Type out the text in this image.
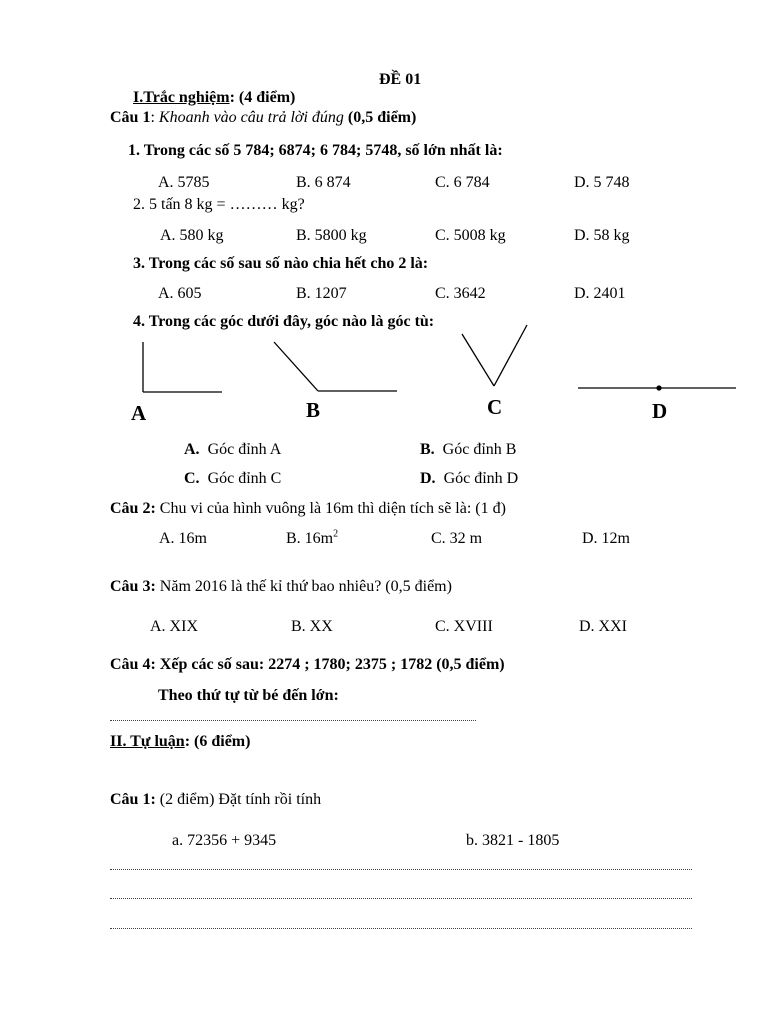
ĐỀ 01
I.Trắc nghiệm: (4 điểm)
Câu 1: Khoanh vào câu trả lời đúng (0,5 điểm)
1. Trong các số 5 784; 6874; 6 784; 5748, số lớn nhất là:
A. 5785	B. 6 874	C. 6 784	D. 5 748
2. 5 tấn 8 kg = ……… kg?
A. 580 kg	B. 5800 kg	C. 5008 kg	D. 58 kg
3. Trong các số sau số nào chia hết cho 2 là:
A. 605	B. 1207	C. 3642	D. 2401
4. Trong các góc dưới đây, góc nào là góc tù:
A	B	C	D
A. Góc đỉnh A	B. Góc đỉnh B
C. Góc đỉnh C	D. Góc đỉnh D
Câu 2: Chu vi của hình vuông là 16m thì diện tích sẽ là: (1 đ)
A. 16m	B. $16m^2$	C. 32 m	D. 12m
Câu 3: Năm 2016 là thế kỉ thứ bao nhiêu? (0,5 điểm)
A. XIX	B. XX	C. XVIII	D. XXI
Câu 4: Xếp các số sau: 2274 ; 1780; 2375 ; 1782 (0,5 điểm)
Theo thứ tự từ bé đến lớn:
II. Tự luận: (6 điểm)
Câu 1: (2 điểm) Đặt tính rồi tính
a. 72356 + 9345	b. 3821 - 1805
